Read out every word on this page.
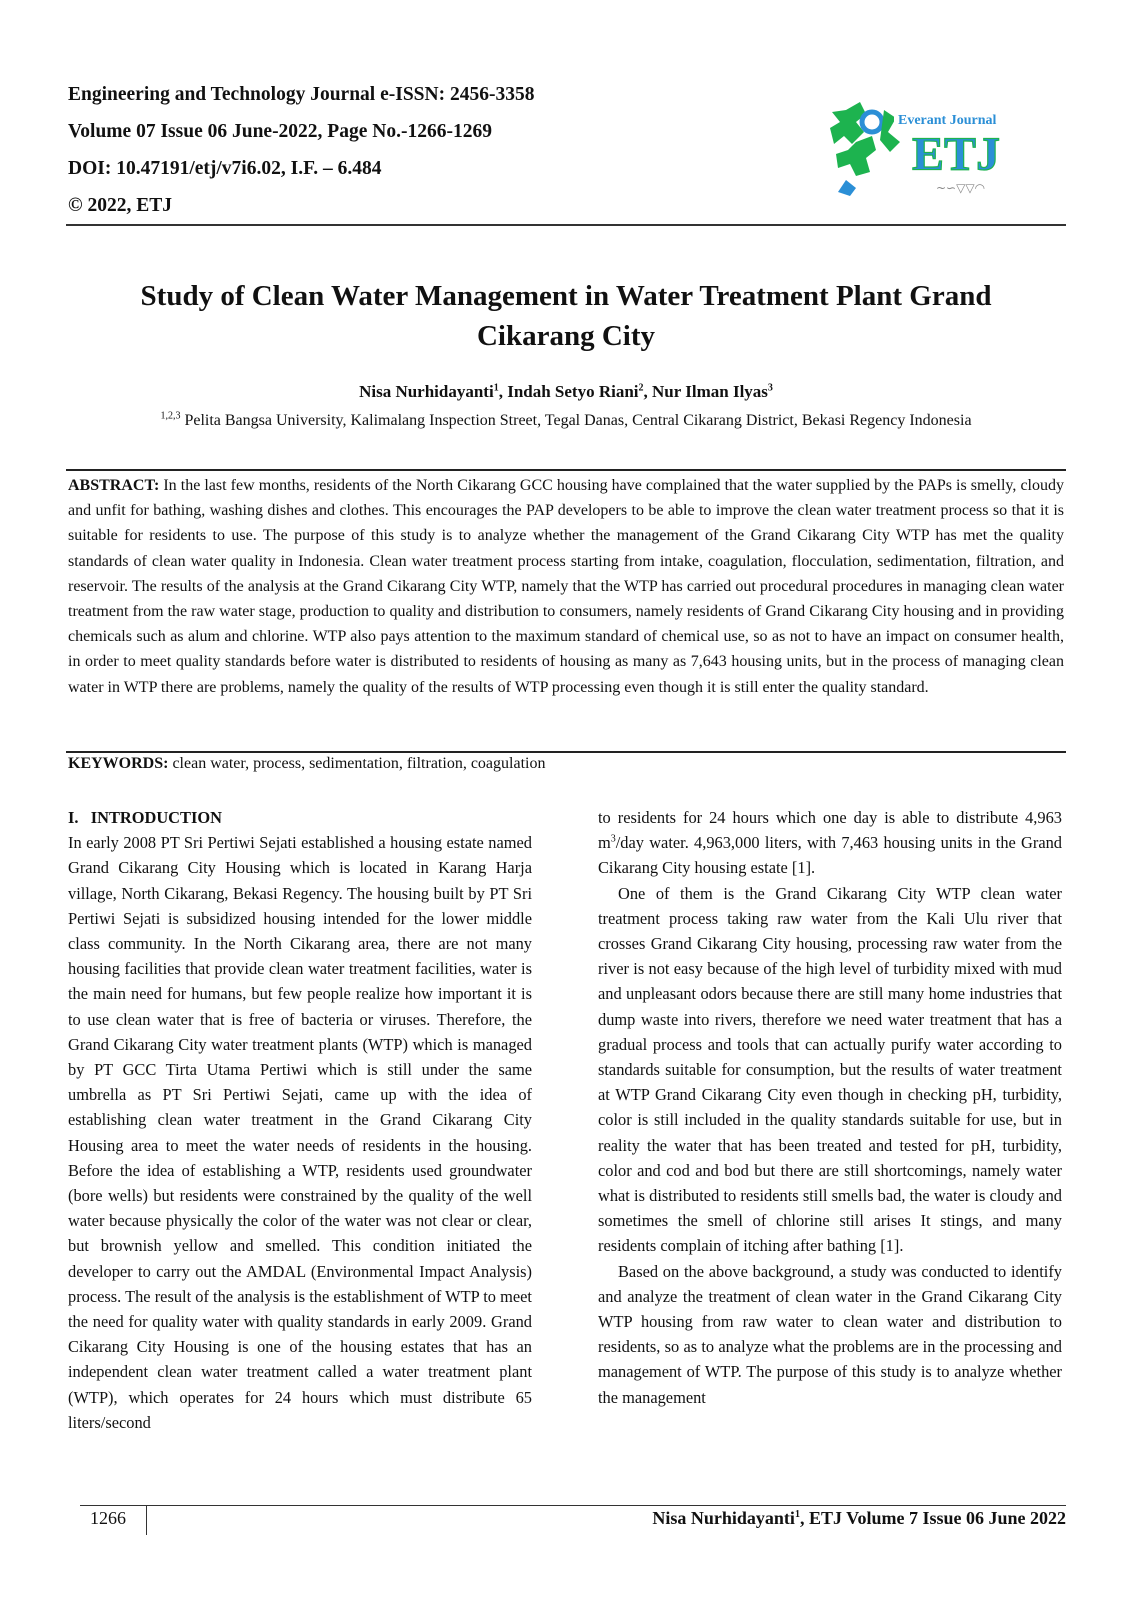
Engineering and Technology Journal e-ISSN: 2456-3358

Volume 07 Issue 06 June-2022, Page No.-1266-1269

DOI: 10.47191/etj/v7i6.02, I.F. – 6.484

© 2022, ETJ

Everant Journal
ETJ
~∽▽▽◠
Study of Clean Water Management in Water Treatment Plant Grand
Cikarang City

Nisa Nurhidayanti$^1$, Indah Setyo Riani$^2$, Nur Ilman Ilyas$^3$

$^{1,2,3}$ Pelita Bangsa University, Kalimalang Inspection Street, Tegal Danas, Central Cikarang District, Bekasi Regency Indonesia

ABSTRACT: In the last few months, residents of the North Cikarang GCC housing have complained that the water supplied by the PAPs is smelly, cloudy and unfit for bathing, washing dishes and clothes. This encourages the PAP developers to be able to improve the clean water treatment process so that it is suitable for residents to use. The purpose of this study is to analyze whether the management of the Grand Cikarang City WTP has met the quality standards of clean water quality in Indonesia. Clean water treatment process starting from intake, coagulation, flocculation, sedimentation, filtration, and reservoir. The results of the analysis at the Grand Cikarang City WTP, namely that the WTP has carried out procedural procedures in managing clean water treatment from the raw water stage, production to quality and distribution to consumers, namely residents of Grand Cikarang City housing and in providing chemicals such as alum and chlorine. WTP also pays attention to the maximum standard of chemical use, so as not to have an impact on consumer health, in order to meet quality standards before water is distributed to residents of housing as many as 7,643 housing units, but in the process of managing clean water in WTP there are problems, namely the quality of the results of WTP processing even though it is still enter the quality standard.

KEYWORDS: clean water, process, sedimentation, filtration, coagulation

I.   INTRODUCTION

In early 2008 PT Sri Pertiwi Sejati established a housing estate named Grand Cikarang City Housing which is located in Karang Harja village, North Cikarang, Bekasi Regency. The housing built by PT Sri Pertiwi Sejati is subsidized housing intended for the lower middle class community. In the North Cikarang area, there are not many housing facilities that provide clean water treatment facilities, water is the main need for humans, but few people realize how important it is to use clean water that is free of bacteria or viruses. Therefore, the Grand Cikarang City water treatment plants (WTP) which is managed by PT GCC Tirta Utama Pertiwi which is still under the same umbrella as PT Sri Pertiwi Sejati, came up with the idea of establishing clean water treatment in the Grand Cikarang City Housing area to meet the water needs of residents in the housing. Before the idea of establishing a WTP, residents used groundwater (bore wells) but residents were constrained by the quality of the well water because physically the color of the water was not clear or clear, but brownish yellow and smelled. This condition initiated the developer to carry out the AMDAL (Environmental Impact Analysis) process. The result of the analysis is the establishment of WTP to meet the need for quality water with quality standards in early 2009. Grand Cikarang City Housing is one of the housing estates that has an independent clean water treatment called a water treatment plant (WTP), which operates for 24 hours which must distribute 65 liters/second

to residents for 24 hours which one day is able to distribute 4,963 $m^3$/day water. 4,963,000 liters, with 7,463 housing units in the Grand Cikarang City housing estate [1].

One of them is the Grand Cikarang City WTP clean water treatment process taking raw water from the Kali Ulu river that crosses Grand Cikarang City housing, processing raw water from the river is not easy because of the high level of turbidity mixed with mud and unpleasant odors because there are still many home industries that dump waste into rivers, therefore we need water treatment that has a gradual process and tools that can actually purify water according to standards suitable for consumption, but the results of water treatment at WTP Grand Cikarang City even though in checking pH, turbidity, color is still included in the quality standards suitable for use, but in reality the water that has been treated and tested for pH, turbidity, color and cod and bod but there are still shortcomings, namely water what is distributed to residents still smells bad, the water is cloudy and sometimes the smell of chlorine still arises It stings, and many residents complain of itching after bathing [1].

Based on the above background, a study was conducted to identify and analyze the treatment of clean water in the Grand Cikarang City WTP housing from raw water to clean water and distribution to residents, so as to analyze what the problems are in the processing and management of WTP. The purpose of this study is to analyze whether the management

1266	Nisa Nurhidayanti$^1$, ETJ Volume 7 Issue 06 June 2022
